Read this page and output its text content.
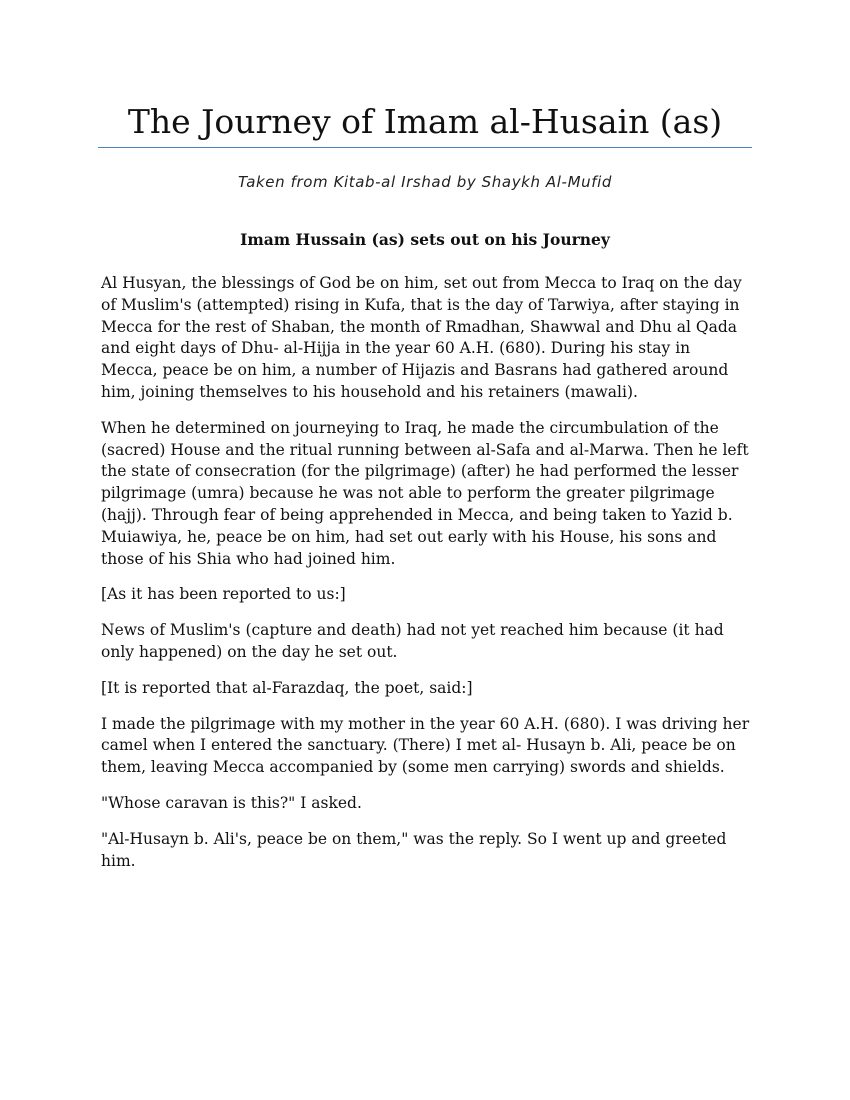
The Journey of Imam al-Husain (as)
Taken from Kitab-al Irshad by Shaykh Al-Mufid
Imam Hussain (as) sets out on his Journey

Al Husyan, the blessings of God be on him, set out from Mecca to Iraq on the day of Muslim's (attempted) rising in Kufa, that is the day of Tarwiya, after staying in Mecca for the rest of Shaban, the month of Rmadhan, Shawwal and Dhu al Qada and eight days of Dhu- al-Hijja in the year 60 A.H. (680). During his stay in Mecca, peace be on him, a number of Hijazis and Basrans had gathered around him, joining themselves to his household and his retainers (mawali).

When he determined on journeying to Iraq, he made the circumbulation of the (sacred) House and the ritual running between al-Safa and al-Marwa. Then he left the state of consecration (for the pilgrimage) (after) he had performed the lesser pilgrimage (umra) because he was not able to perform the greater pilgrimage (hajj). Through fear of being apprehended in Mecca, and being taken to Yazid b. Muiawiya, he, peace be on him, had set out early with his House, his sons and those of his Shia who had joined him.

[As it has been reported to us:]

News of Muslim's (capture and death) had not yet reached him because (it had only happened) on the day he set out.

[It is reported that al-Farazdaq, the poet, said:]

I made the pilgrimage with my mother in the year 60 A.H. (680). I was driving her camel when I entered the sanctuary. (There) I met al- Husayn b. Ali, peace be on them, leaving Mecca accompanied by (some men carrying) swords and shields.

"Whose caravan is this?" I asked.

"Al-Husayn b. Ali's, peace be on them," was the reply. So I went up and greeted him.
